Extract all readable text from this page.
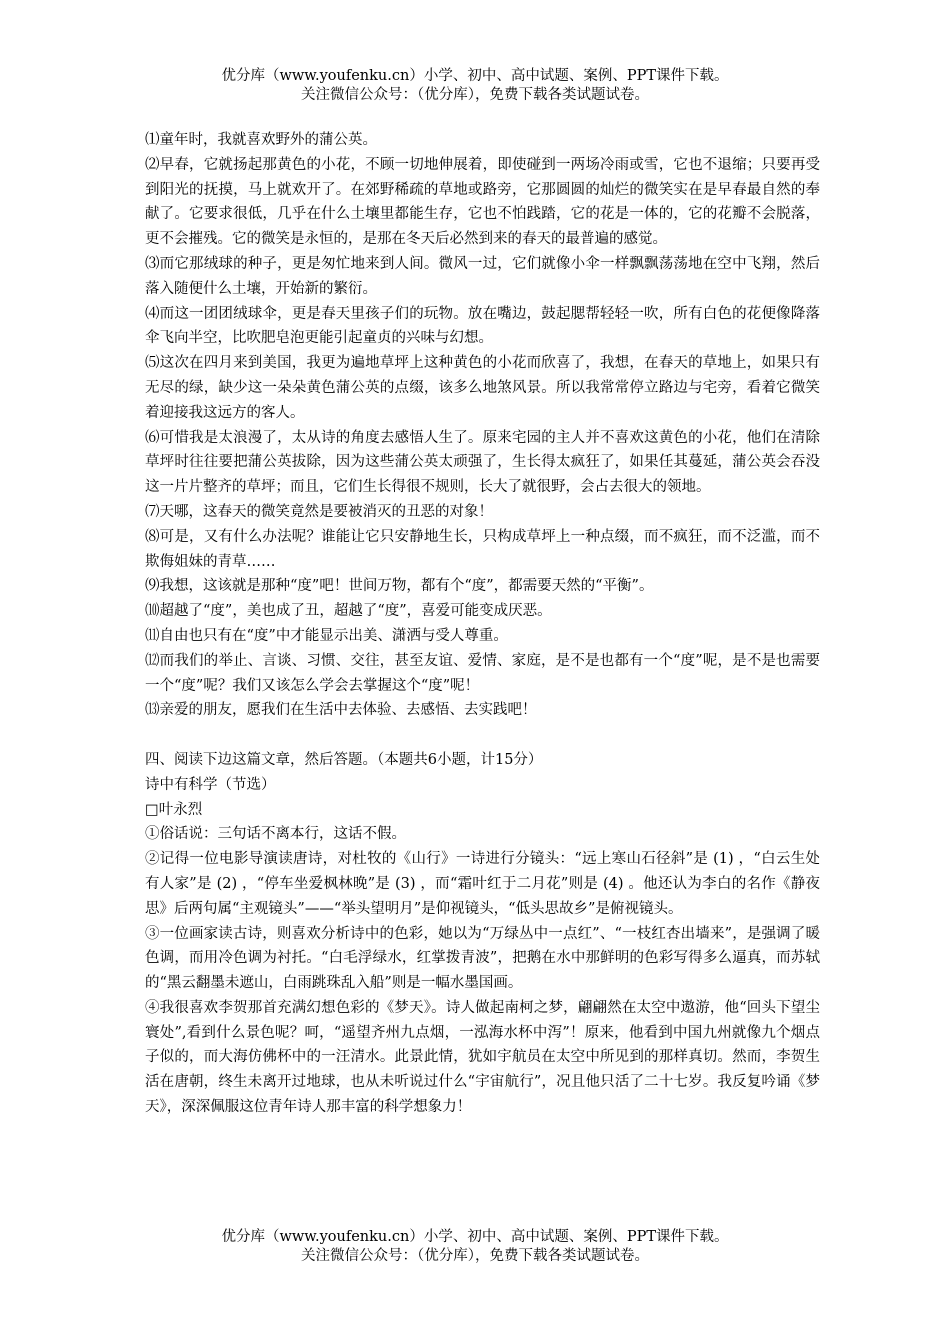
优分库（www.youfenku.cn）小学、初中、高中试题、案例、PPT课件下载。
关注微信公众号：（优分库），免费下载各类试题试卷。

⑴童年时，我就喜欢野外的蒲公英。

⑵早春，它就扬起那黄色的小花，不顾一切地伸展着，即使碰到一两场冷雨或雪，它也不退缩；只要再受到阳光的抚摸，马上就欢开了。在郊野稀疏的草地或路旁，它那圆圆的灿烂的微笑实在是早春最自然的奉献了。它要求很低，几乎在什么土壤里都能生存，它也不怕践踏，它的花是一体的，它的花瓣不会脱落，更不会摧残。它的微笑是永恒的，是那在冬天后必然到来的春天的最普遍的感觉。

⑶而它那绒球的种子，更是匆忙地来到人间。微风一过，它们就像小伞一样飘飘荡荡地在空中飞翔，然后落入随便什么土壤，开始新的繁衍。

⑷而这一团团绒球伞，更是春天里孩子们的玩物。放在嘴边，鼓起腮帮轻轻一吹，所有白色的花便像降落伞飞向半空，比吹肥皂泡更能引起童贞的兴味与幻想。

⑸这次在四月来到美国，我更为遍地草坪上这种黄色的小花而欣喜了，我想，在春天的草地上，如果只有无尽的绿，缺少这一朵朵黄色蒲公英的点缀，该多么地煞风景。所以我常常停立路边与宅旁，看着它微笑着迎接我这远方的客人。

⑹可惜我是太浪漫了，太从诗的角度去感悟人生了。原来宅园的主人并不喜欢这黄色的小花，他们在清除草坪时往往要把蒲公英拔除，因为这些蒲公英太顽强了，生长得太疯狂了，如果任其蔓延，蒲公英会吞没这一片片整齐的草坪；而且，它们生长得很不规则，长大了就很野，会占去很大的领地。

⑺天哪，这春天的微笑竟然是要被消灭的丑恶的对象！

⑻可是，又有什么办法呢？谁能让它只安静地生长，只构成草坪上一种点缀，而不疯狂，而不泛滥，而不欺侮姐妹的青草……

⑼我想，这该就是那种“度”吧！世间万物，都有个“度”，都需要天然的“平衡”。

⑽超越了“度”，美也成了丑，超越了“度”，喜爱可能变成厌恶。

⑾自由也只有在“度”中才能显示出美、潇洒与受人尊重。

⑿而我们的举止、言谈、习惯、交往，甚至友谊、爱情、家庭，是不是也都有一个“度”呢，是不是也需要一个“度”呢？我们又该怎么学会去掌握这个“度”呢！

⒀亲爱的朋友，愿我们在生活中去体验、去感悟、去实践吧！

四、阅读下边这篇文章，然后答题。（本题共6小题，计15分）

诗中有科学（节选）

□叶永烈

①俗话说：三句话不离本行，这话不假。

②记得一位电影导演读唐诗，对杜牧的《山行》一诗进行分镜头：“远上寒山石径斜”是 (1) ，“白云生处有人家”是 (2) ，“停车坐爱枫林晚”是 (3) ，而“霜叶红于二月花”则是 (4) 。他还认为李白的名作《静夜思》后两句属“主观镜头”——“举头望明月”是仰视镜头，“低头思故乡”是俯视镜头。

③一位画家读古诗，则喜欢分析诗中的色彩，她以为“万绿丛中一点红”、“一枝红杏出墙来”，是强调了暖色调，而用冷色调为衬托。“白毛浮绿水，红掌拨青波”，把鹅在水中那鲜明的色彩写得多么逼真，而苏轼的“黑云翻墨未遮山，白雨跳珠乱入船”则是一幅水墨国画。

④我很喜欢李贺那首充满幻想色彩的《梦天》。诗人做起南柯之梦，翩翩然在太空中遨游，他“回头下望尘寰处”,看到什么景色呢？呵，“遥望齐州九点烟，一泓海水杯中泻”！原来，他看到中国九州就像九个烟点子似的，而大海仿佛杯中的一汪清水。此景此情，犹如宇航员在太空中所见到的那样真切。然而，李贺生活在唐朝，终生未离开过地球，也从未听说过什么“宇宙航行”，况且他只活了二十七岁。我反复吟诵《梦天》，深深佩服这位青年诗人那丰富的科学想象力！

优分库（www.youfenku.cn）小学、初中、高中试题、案例、PPT课件下载。
关注微信公众号：（优分库），免费下载各类试题试卷。
